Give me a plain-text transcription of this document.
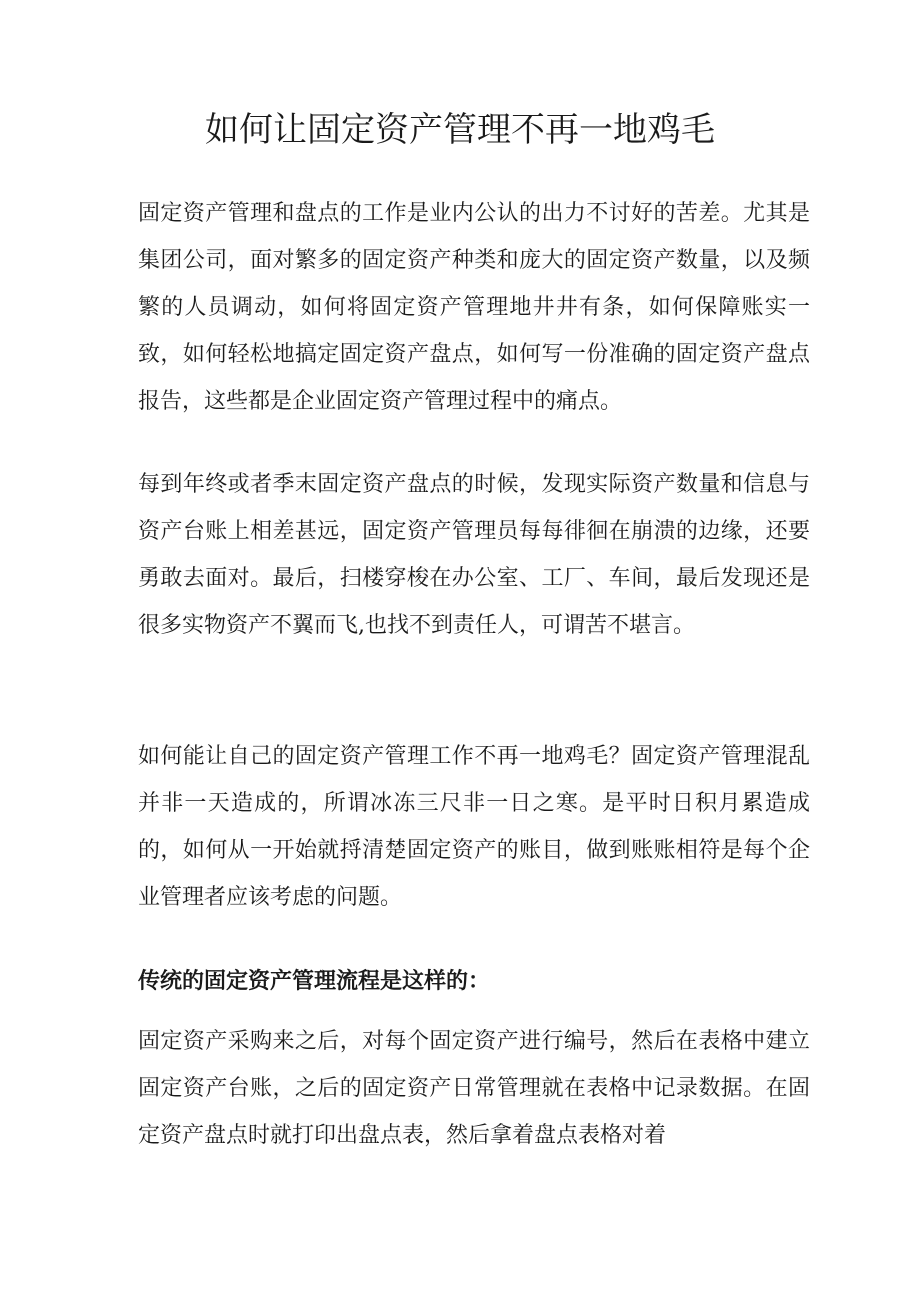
如何让固定资产管理不再一地鸡毛

固定资产管理和盘点的工作是业内公认的出力不讨好的苦差。尤其是集团公司，面对繁多的固定资产种类和庞大的固定资产数量，以及频繁的人员调动，如何将固定资产管理地井井有条，如何保障账实一致，如何轻松地搞定固定资产盘点，如何写一份准确的固定资产盘点报告，这些都是企业固定资产管理过程中的痛点。

每到年终或者季末固定资产盘点的时候，发现实际资产数量和信息与资产台账上相差甚远，固定资产管理员每每徘徊在崩溃的边缘，还要勇敢去面对。最后，扫楼穿梭在办公室、工厂、车间，最后发现还是很多实物资产不翼而飞,也找不到责任人，可谓苦不堪言。

如何能让自己的固定资产管理工作不再一地鸡毛？固定资产管理混乱并非一天造成的，所谓冰冻三尺非一日之寒。是平时日积月累造成的，如何从一开始就捋清楚固定资产的账目，做到账账相符是每个企业管理者应该考虑的问题。

传统的固定资产管理流程是这样的：

固定资产采购来之后，对每个固定资产进行编号，然后在表格中建立固定资产台账，之后的固定资产日常管理就在表格中记录数据。在固定资产盘点时就打印出盘点表，然后拿着盘点表格对着
